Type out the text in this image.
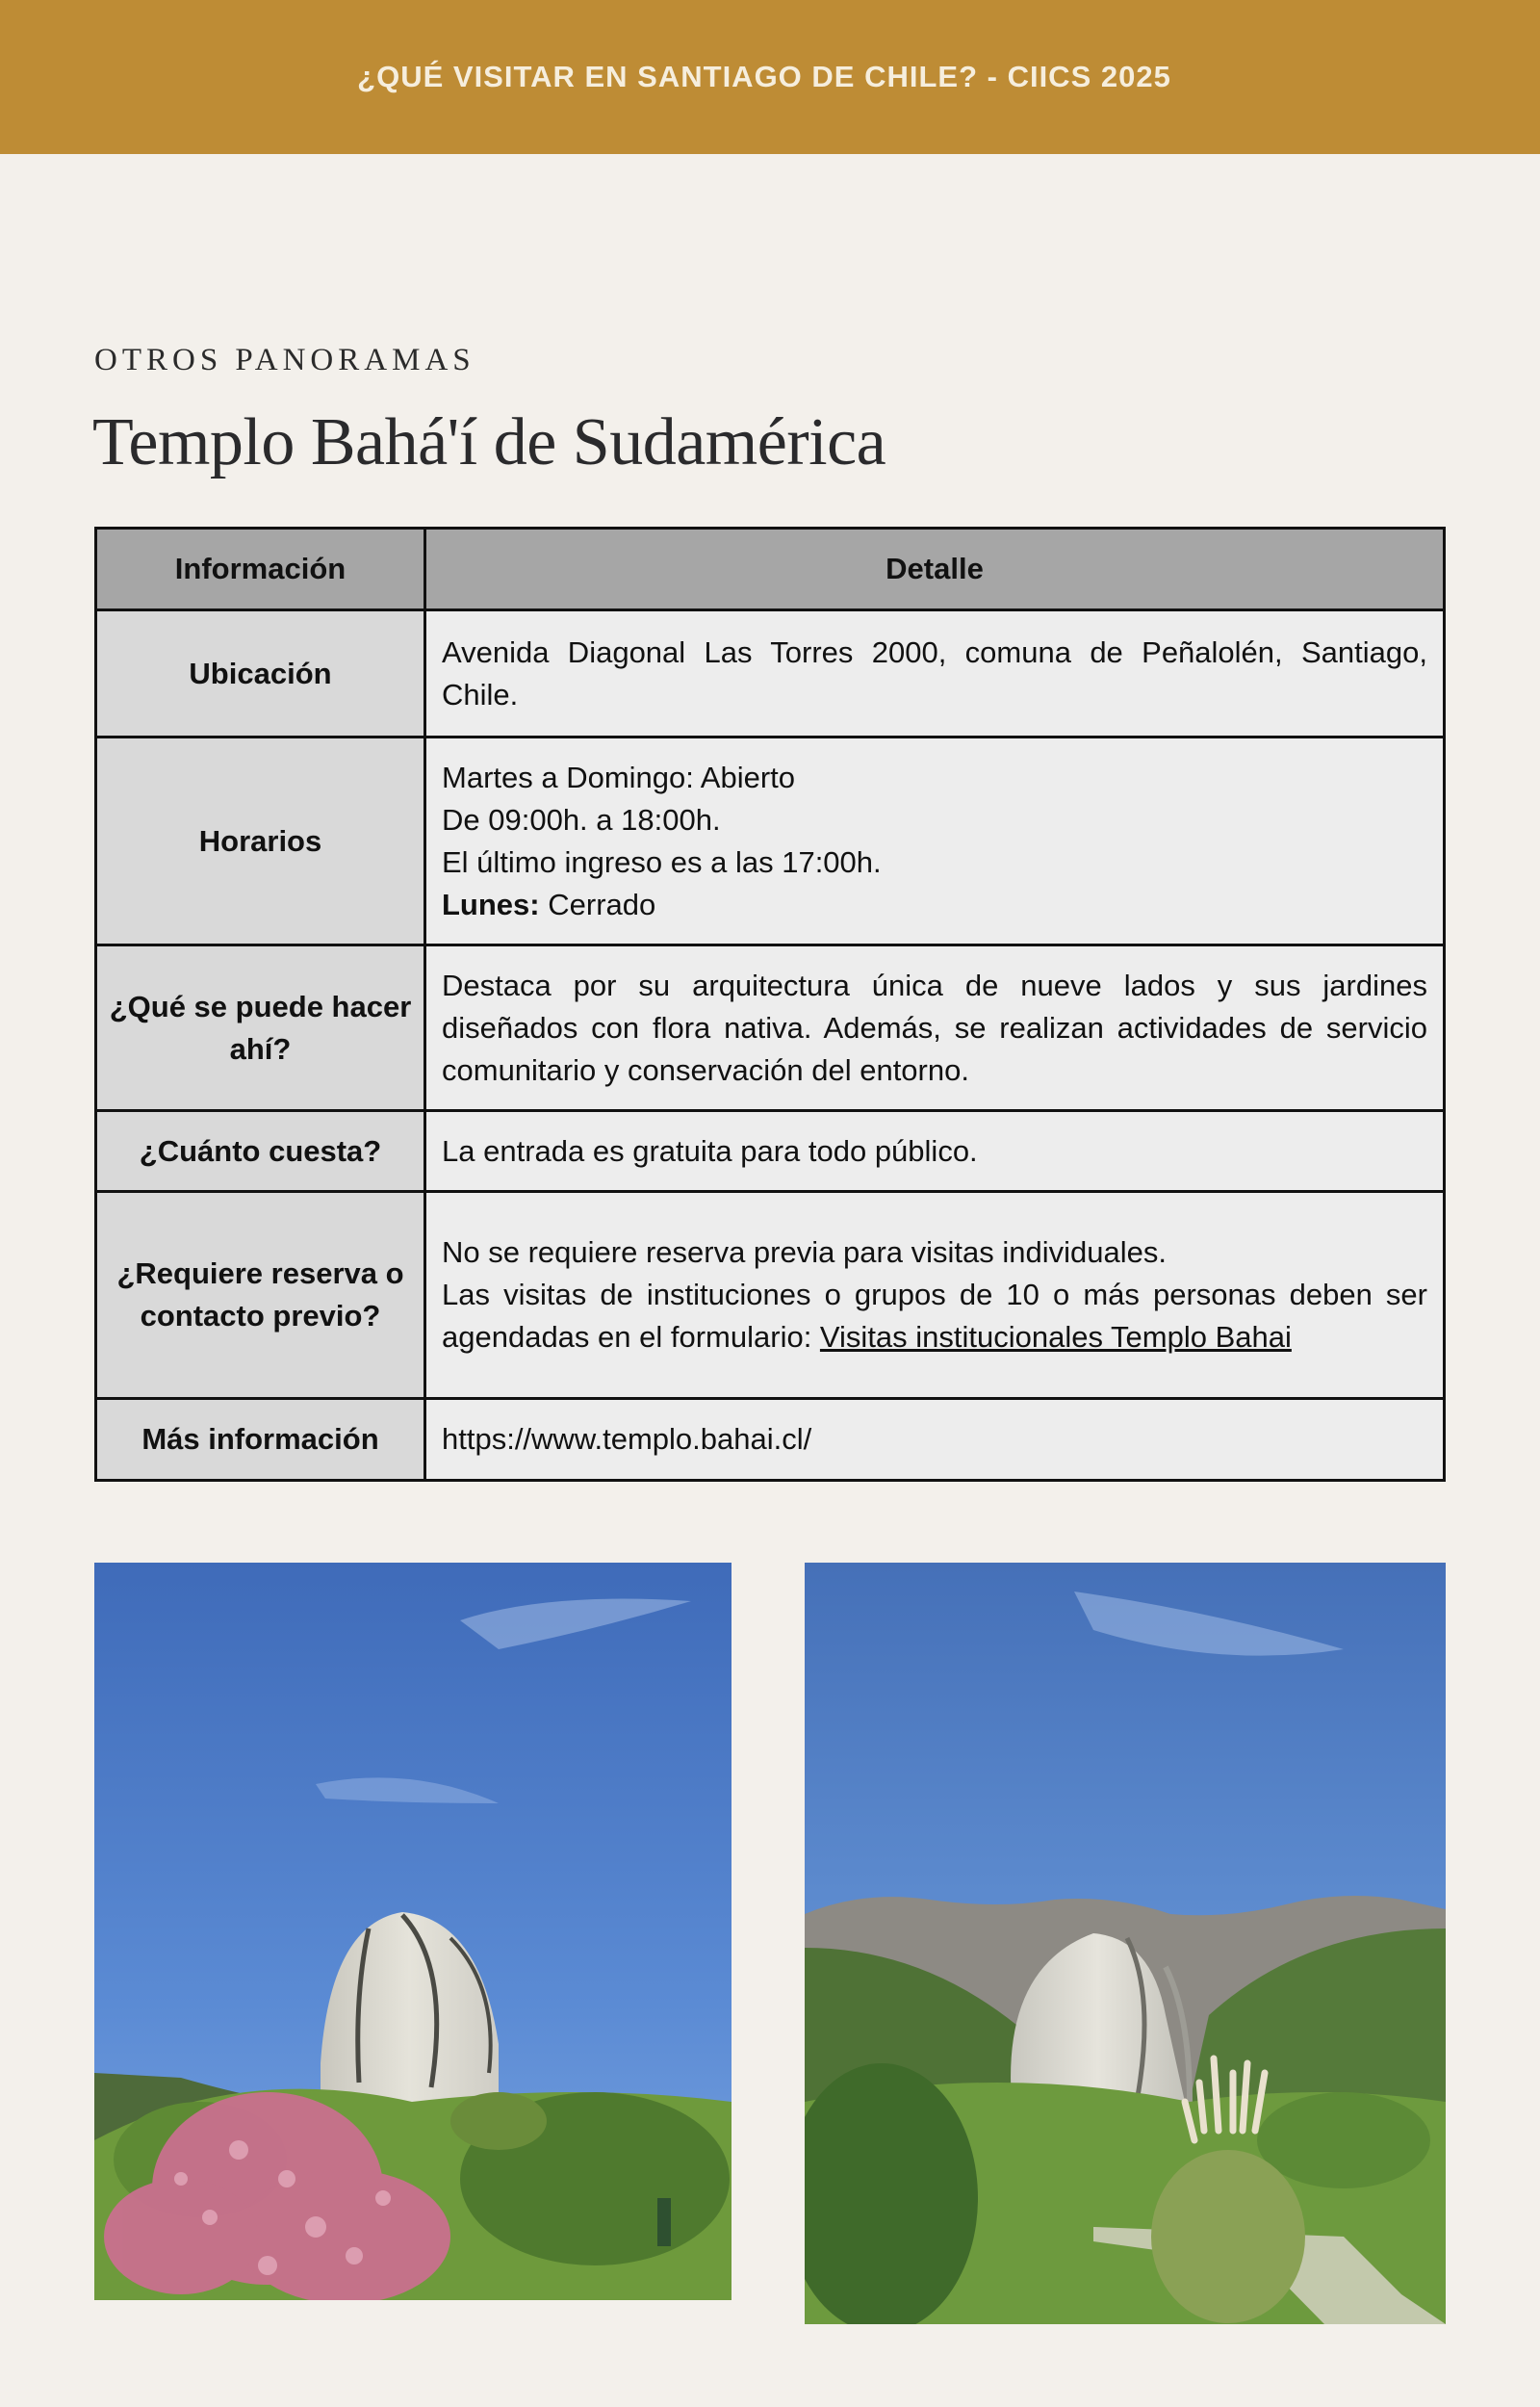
¿QUÉ VISITAR EN SANTIAGO DE CHILE? - CIICS 2025
OTROS PANORAMAS
Templo Bahá'í de Sudamérica
Información	Detalle
Ubicación	Avenida Diagonal Las Torres 2000, comuna de Peñalolén, Santiago, Chile.

Horarios	Martes a Domingo: Abierto
De 09:00h. a 18:00h.
El último ingreso es a las 17:00h.
Lunes: Cerrado

¿Qué se puede hacer ahí?	Destaca por su arquitectura única de nueve lados y sus jardines diseñados con flora nativa. Además, se realizan actividades de servicio comunitario y conservación del entorno.

¿Cuánto cuesta?	La entrada es gratuita para todo público.

¿Requiere reserva o contacto previo?	No se requiere reserva previa para visitas individuales.
Las visitas de instituciones o grupos de 10 o más personas deben ser agendadas en el formulario: Visitas institucionales Templo Bahai

Más información	https://www.templo.bahai.cl/
